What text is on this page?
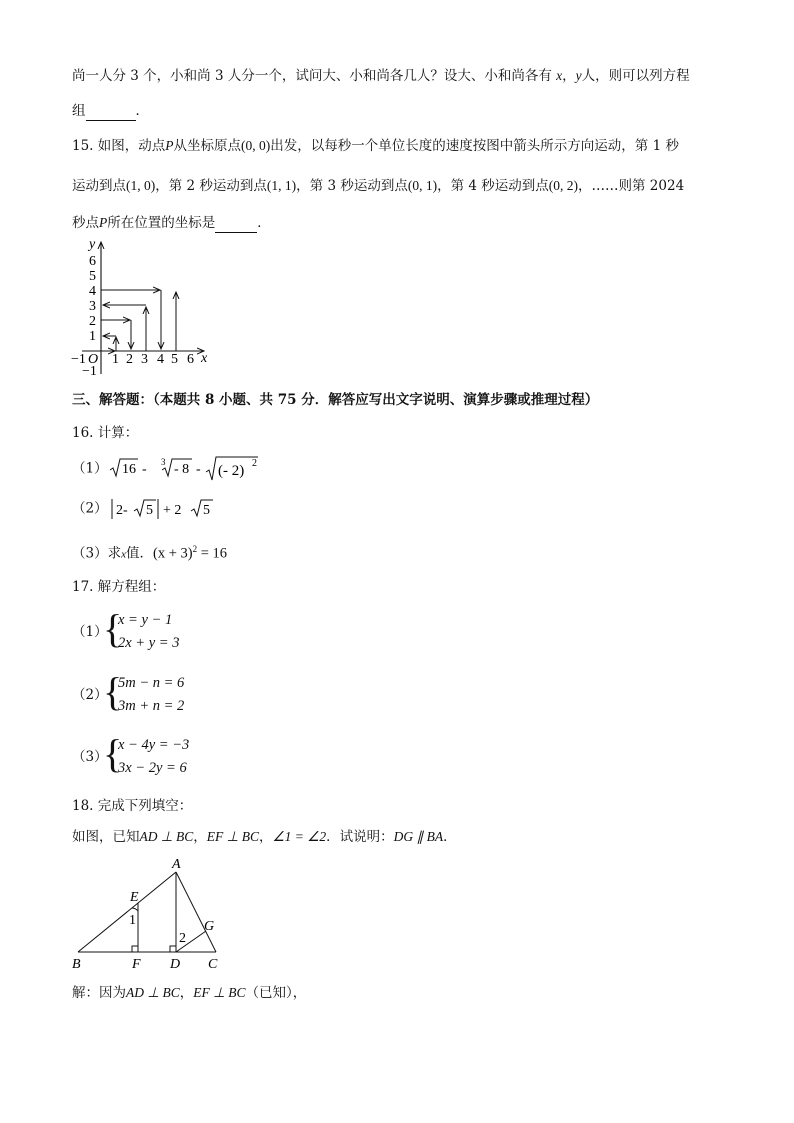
尚一人分 3 个，小和尚 3 人分一个，试问大、小和尚各几人？设大、小和尚各有 x，y人，则可以列方程
组	．
15. 如图，动点P从坐标原点(0, 0)出发，以每秒一个单位长度的速度按图中箭头所示方向运动，第 1 秒
运动到点(1, 0)，第 2 秒运动到点(1, 1)，第 3 秒运动到点(0, 1)，第 4 秒运动到点(0, 2)，……则第 2024
秒点P所在位置的坐标是	．
y
x
O
6
5
4
3
2
1
−1
−1 1 2 3 4 5 6
三、解答题：（本题共 8 小题、共 75 分．解答应写出文字说明、演算步骤或推理过程）
16. 计算：
（1） 16 - 3 - 8 - (- 2) 2
（2） 2- 5 + 2 5
（3）求x值．$(x + 3)^2 = 16$
17. 解方程组：
（1）
{
x = y − 1
2x + y = 3
（2）
{
5m − n = 6
3m + n = 2
（3）
{
x − 4y = −3
3x − 2y = 6
18. 完成下列填空：
如图，已知AD ⊥ BC，EF ⊥ BC，∠1 = ∠2．试说明：DG ∥ BA．
A
E
G
B	F D C
1
2
解：因为AD ⊥ BC，EF ⊥ BC（已知），
